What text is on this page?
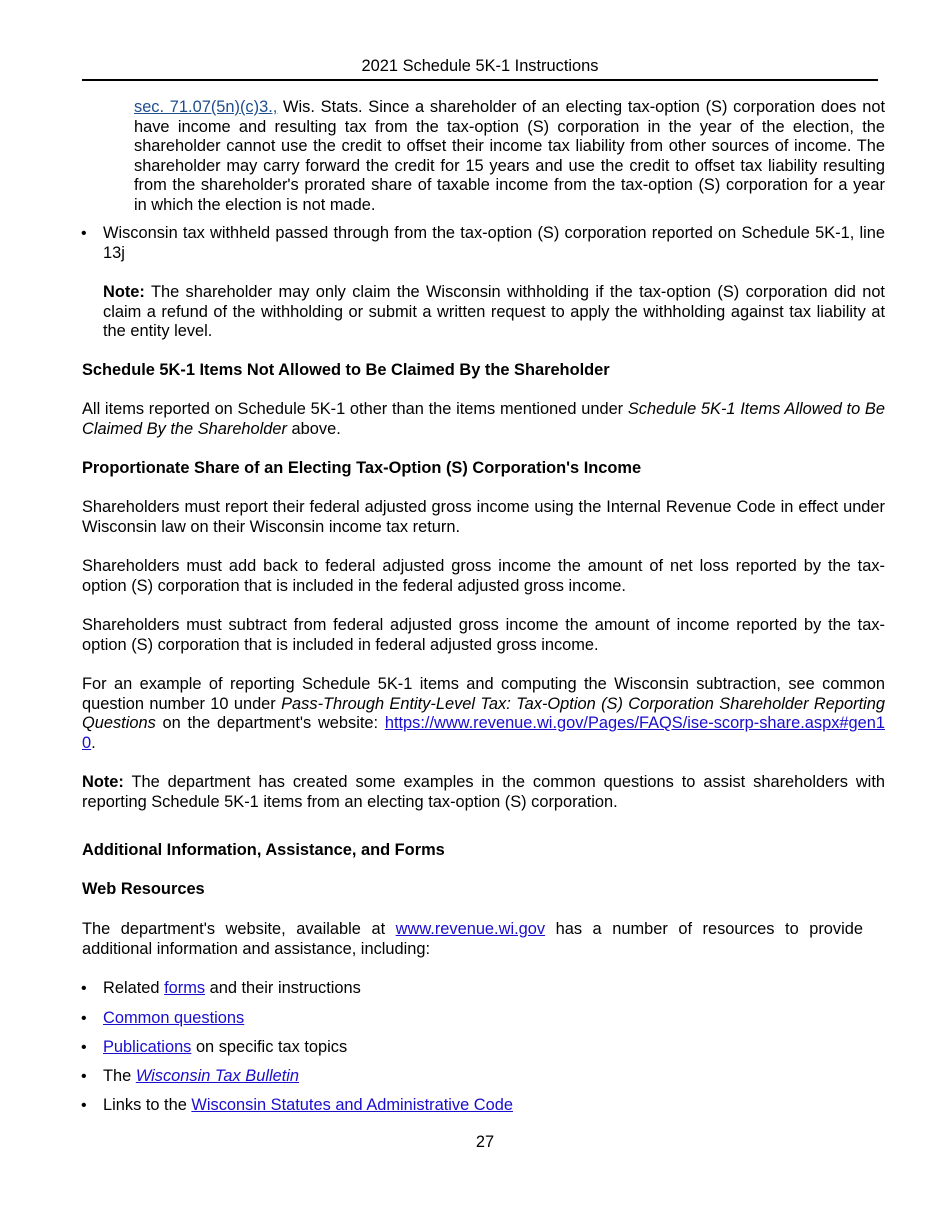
2021 Schedule 5K-1 Instructions
sec. 71.07(5n)(c)3., Wis. Stats. Since a shareholder of an electing tax-option (S) corporation does not have income and resulting tax from the tax-option (S) corporation in the year of the election, the shareholder cannot use the credit to offset their income tax liability from other sources of income. The shareholder may carry forward the credit for 15 years and use the credit to offset tax liability resulting from the shareholder's prorated share of taxable income from the tax-option (S) corporation for a year in which the election is not made.
• Wisconsin tax withheld passed through from the tax-option (S) corporation reported on Schedule 5K-1, line 13j
Note: The shareholder may only claim the Wisconsin withholding if the tax-option (S) corporation did not claim a refund of the withholding or submit a written request to apply the withholding against tax liability at the entity level.
Schedule 5K-1 Items Not Allowed to Be Claimed By the Shareholder
All items reported on Schedule 5K-1 other than the items mentioned under Schedule 5K-1 Items Allowed to Be Claimed By the Shareholder above.
Proportionate Share of an Electing Tax-Option (S) Corporation's Income
Shareholders must report their federal adjusted gross income using the Internal Revenue Code in effect under Wisconsin law on their Wisconsin income tax return.
Shareholders must add back to federal adjusted gross income the amount of net loss reported by the tax-option (S) corporation that is included in the federal adjusted gross income.
Shareholders must subtract from federal adjusted gross income the amount of income reported by the tax-option (S) corporation that is included in federal adjusted gross income.
For an example of reporting Schedule 5K-1 items and computing the Wisconsin subtraction, see common question number 10 under Pass-Through Entity-Level Tax: Tax-Option (S) Corporation Shareholder Reporting Questions on the department's website: https://www.revenue.wi.gov/Pages/FAQS/ise-scorp-share.aspx#gen10.
Note: The department has created some examples in the common questions to assist shareholders with reporting Schedule 5K-1 items from an electing tax-option (S) corporation.
Additional Information, Assistance, and Forms
Web Resources
The department's website, available at www.revenue.wi.gov has a number of resources to provide additional information and assistance, including:
• Related forms and their instructions
• Common questions
• Publications on specific tax topics
• The Wisconsin Tax Bulletin
• Links to the Wisconsin Statutes and Administrative Code
27
